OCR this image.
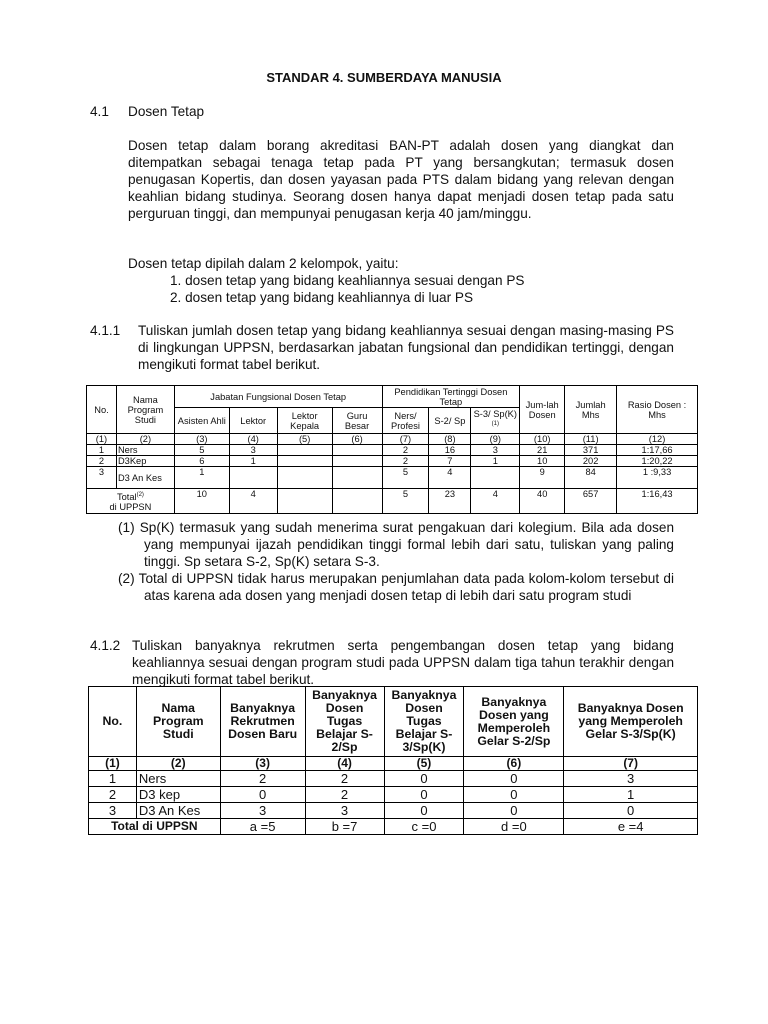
STANDAR 4. SUMBERDAYA MANUSIA
4.1 Dosen Tetap
Dosen tetap dalam borang akreditasi BAN-PT adalah dosen yang diangkat dan ditempatkan sebagai tenaga tetap pada PT yang bersangkutan; termasuk dosen penugasan Kopertis, dan dosen yayasan pada PTS dalam bidang yang relevan dengan keahlian bidang studinya. Seorang dosen hanya dapat menjadi dosen tetap pada satu perguruan tinggi, dan mempunyai penugasan kerja 40 jam/minggu.
Dosen tetap dipilah dalam 2 kelompok, yaitu:
1. dosen tetap yang bidang keahliannya sesuai dengan PS
2. dosen tetap yang bidang keahliannya di luar PS
4.1.1 Tuliskan jumlah dosen tetap yang bidang keahliannya sesuai dengan masing-masing PS di lingkungan UPPSN, berdasarkan jabatan fungsional dan pendidikan tertinggi, dengan mengikuti format tabel berikut.
No.	Nama Program Studi	Jabatan Fungsional Dosen Tetap				Pendidikan Tertinggi Dosen Tetap			Jum-lah Dosen	Jumlah Mhs	Rasio Dosen : Mhs
		Asisten Ahli	Lektor	Lektor Kepala	Guru Besar	Ners/ Profesi	S-2/ Sp	S-3/ $Sp(K)^{(1)}$
(1)	(2)	(3)	(4)	(5)	(6)	(7)	(8)	(9)	(10)	(11)	(12)
1	Ners	5	3			2	16	3	21	371	1:17,66
2	D3Kep	6	1			2	7	1	10	202	1:20,22
3	D3 An Kes	1				5	4		9	84	1 :9,33
Total$^{(2)}$
di UPPSN		10	4			5	23	4	40	657	1:16,43
(1) Sp(K) termasuk yang sudah menerima surat pengakuan dari kolegium. Bila ada dosen yang mempunyai ijazah pendidikan tinggi formal lebih dari satu, tuliskan yang paling tinggi. Sp setara S-2, Sp(K) setara S-3.
(2) Total di UPPSN tidak harus merupakan penjumlahan data pada kolom-kolom tersebut di atas karena ada dosen yang menjadi dosen tetap di lebih dari satu program studi
4.1.2 Tuliskan banyaknya rekrutmen serta pengembangan dosen tetap yang bidang keahliannya sesuai dengan program studi pada UPPSN dalam tiga tahun terakhir dengan mengikuti format tabel berikut.
No.	Nama Program Studi	Banyaknya Rekrutmen Dosen Baru	Banyaknya Dosen Tugas Belajar S-2/Sp	Banyaknya Dosen Tugas Belajar S-3/Sp(K)	Banyaknya Dosen yang Memperoleh Gelar S-2/Sp	Banyaknya Dosen yang Memperoleh Gelar S-3/Sp(K)
(1)	(2)	(3)	(4)	(5)	(6)	(7)
1	Ners	2	2	0	0	3
2	D3 kep	0	2	0	0	1
3	D3 An Kes	3	3	0	0	0
Total di UPPSN		a =5	b =7	c =0	d =0	e =4
